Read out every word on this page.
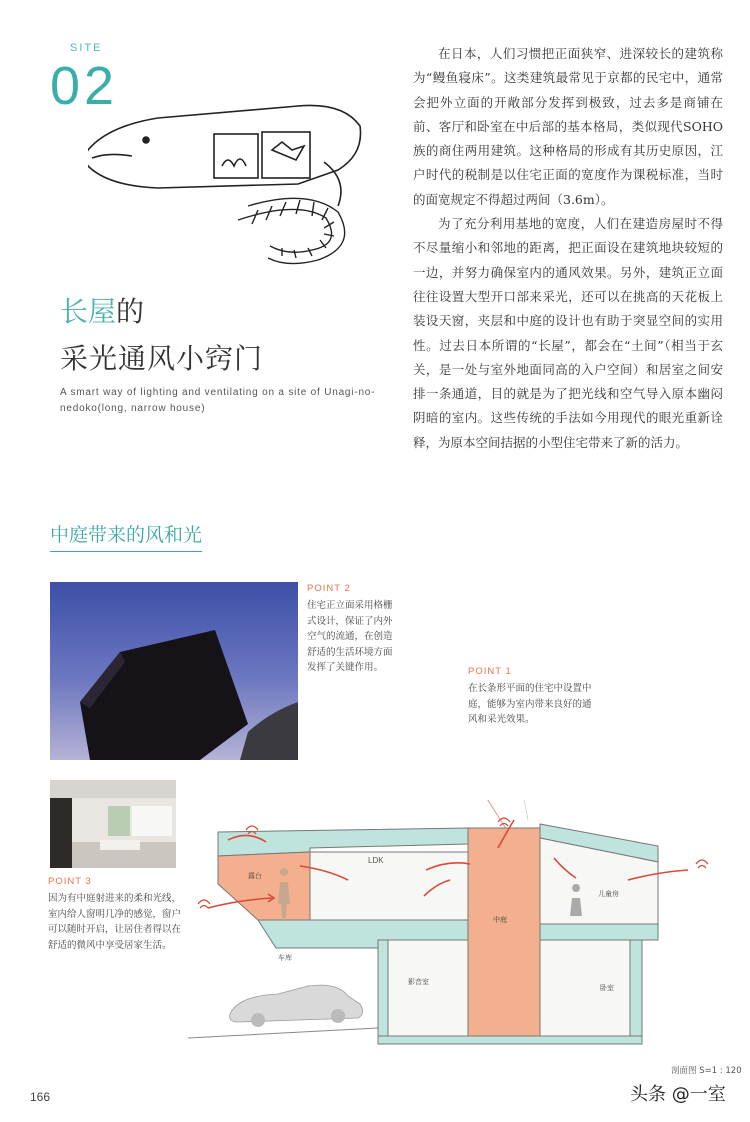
SITE
02
长屋的
采光通风小窍门
A smart way of lighting and ventilating on a site of Unagi-no-nedoko(long, narrow house)

在日本，人们习惯把正面狭窄、进深较长的建筑称为“鳗鱼寝床”。这类建筑最常见于京都的民宅中，通常会把外立面的开敞部分发挥到极致，过去多是商铺在前、客厅和卧室在中后部的基本格局，类似现代SOHO族的商住两用建筑。这种格局的形成有其历史原因，江户时代的税制是以住宅正面的宽度作为课税标准，当时的面宽规定不得超过两间（3.6m）。

为了充分利用基地的宽度，人们在建造房屋时不得不尽量缩小和邻地的距离，把正面设在建筑地块较短的一边，并努力确保室内的通风效果。另外，建筑正立面往往设置大型开口部来采光，还可以在挑高的天花板上装设天窗，夹层和中庭的设计也有助于突显空间的实用性。过去日本所谓的“长屋”，都会在“土间”（相当于玄关，是一处与室外地面同高的入户空间）和居室之间安排一条通道，目的就是为了把光线和空气导入原本幽闷阴暗的室内。这些传统的手法如今用现代的眼光重新诠释，为原本空间拮据的小型住宅带来了新的活力。

中庭带来的风和光
POINT 2
住宅正立面采用格栅式设计，保证了内外空气的流通，在创造舒适的生活环境方面发挥了关键作用。	POINT 1
在长条形平面的住宅中设置中庭，能够为室内带来良好的通风和采光效果。
POINT 3
因为有中庭射进来的柔和光线，室内给人窗明几净的感觉，窗户可以随时开启，让居住者得以在舒适的微风中享受居家生活。
LDK
露台
中庭
儿童房
车库
影音室
卧室
剖面图 S=1 : 120
166	头条 @一室
